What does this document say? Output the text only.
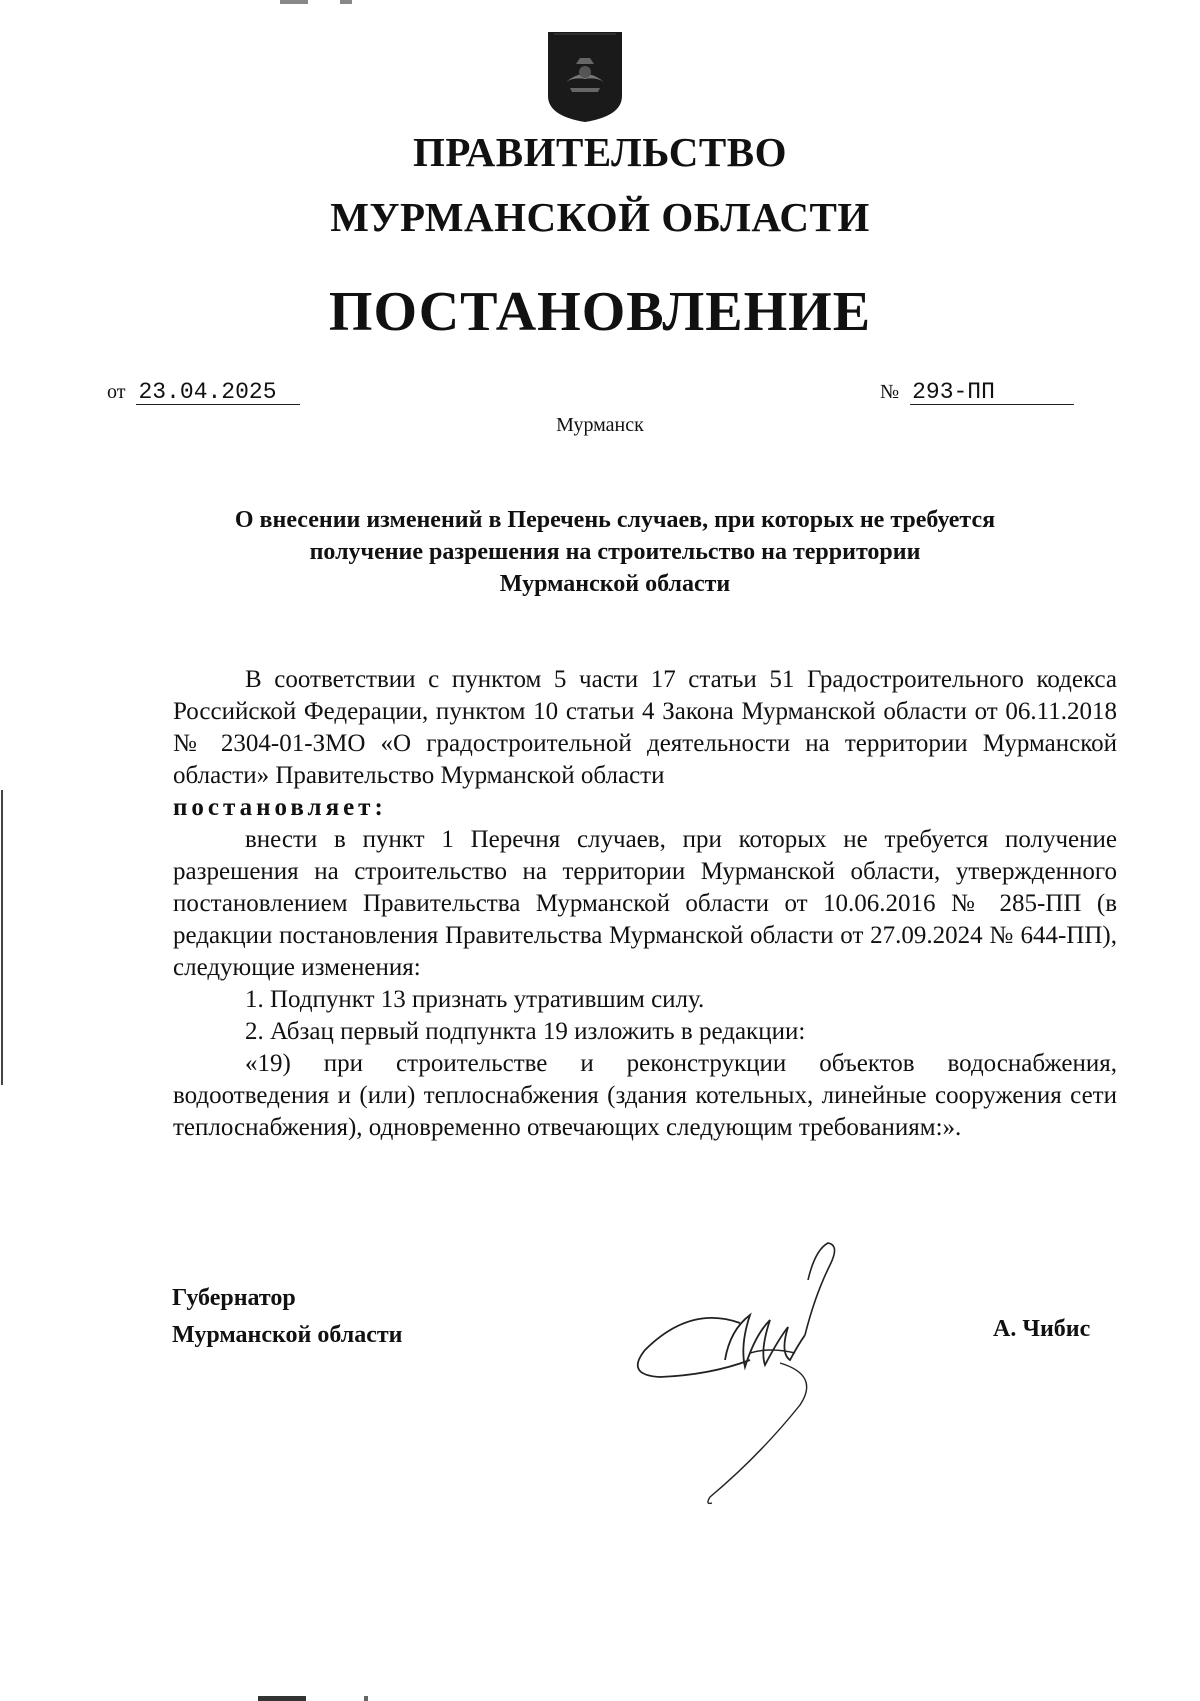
ПРАВИТЕЛЬСТВО
МУРМАНСКОЙ ОБЛАСТИ
ПОСТАНОВЛЕНИЕ
от 23.04.2025	№ 293-ПП
Мурманск
О внесении изменений в Перечень случаев, при которых не требуется
получение разрешения на строительство на территории
Мурманской области

В соответствии с пунктом 5 части 17 статьи 51 Градостроительного кодекса Российской Федерации, пунктом 10 статьи 4 Закона Мурманской области от 06.11.2018 № 2304-01-ЗМО «О градостроительной деятельности на территории Мурманской области» Правительство Мурманской области

постановляет:

внести в пункт 1 Перечня случаев, при которых не требуется получение разрешения на строительство на территории Мурманской области, утвержденного постановлением Правительства Мурманской области от 10.06.2016 № 285-ПП (в редакции постановления Правительства Мурманской области от 27.09.2024 № 644-ПП), следующие изменения:

1. Подпункт 13 признать утратившим силу.

2. Абзац первый подпункта 19 изложить в редакции:

«19) при строительстве и реконструкции объектов водоснабжения, водоотведения и (или) теплоснабжения (здания котельных, линейные сооружения сети теплоснабжения), одновременно отвечающих следующим требованиям:».

Губернатор
Мурманской области	А. Чибис
